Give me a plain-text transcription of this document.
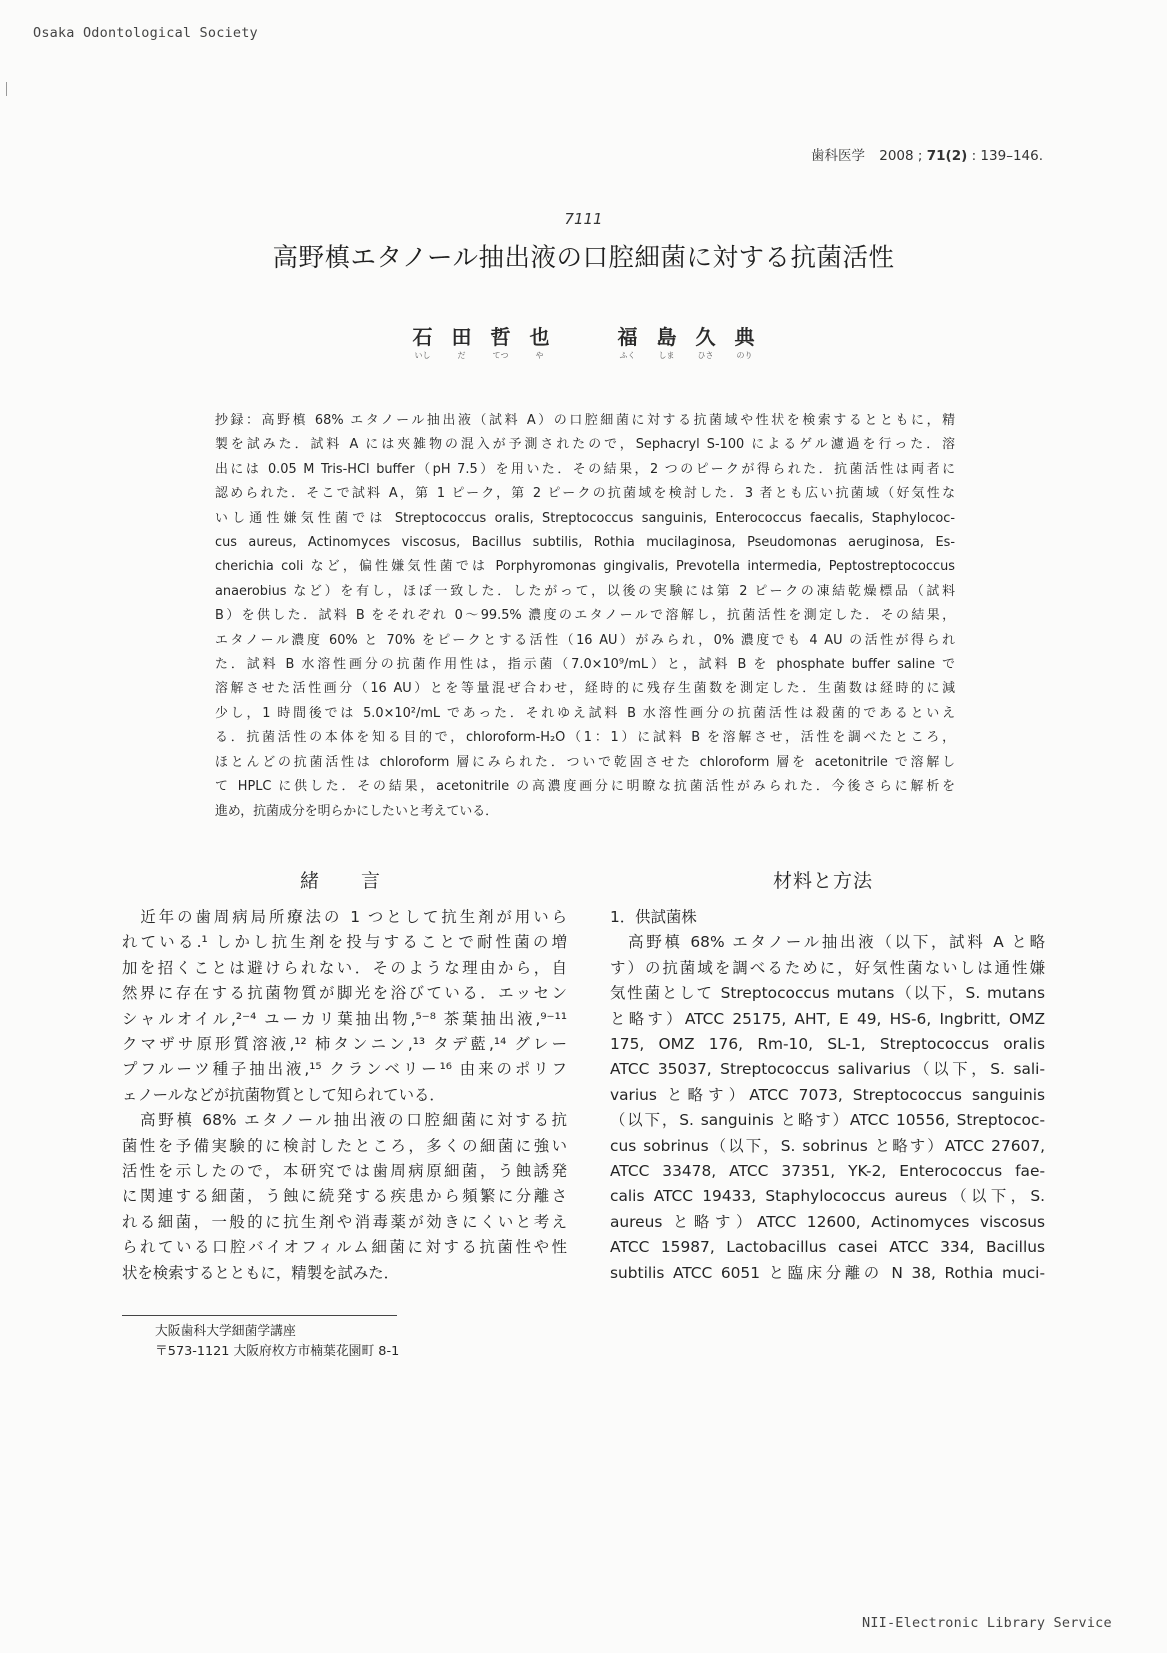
Osaka Odontological Society
歯科医学 2008 ; 71(2) : 139–146.
7111
高野槙エタノール抽出液の口腔細菌に対する抗菌活性
石
いし
田
だ
哲
てつ
也
や
福
ふく
島
しま
久
ひさ
典
のり
抄録：高野槙 68% エタノール抽出液（試料 A）の口腔細菌に対する抗菌域や性状を検索するとともに，精
製を試みた．試料 A には夾雑物の混入が予測されたので，Sephacryl S-100 によるゲル濾過を行った．溶
出には 0.05 M Tris-HCl buffer（pH 7.5）を用いた．その結果，2 つのピークが得られた．抗菌活性は両者に
認められた．そこで試料 A，第 1 ピーク，第 2 ピークの抗菌域を検討した．3 者とも広い抗菌域（好気性な
いし通性嫌気性菌では Streptococcus oralis, Streptococcus sanguinis, Enterococcus faecalis, Staphylococ-
cus aureus, Actinomyces viscosus, Bacillus subtilis, Rothia mucilaginosa, Pseudomonas aeruginosa, Es-
cherichia coli など，偏性嫌気性菌では Porphyromonas gingivalis, Prevotella intermedia, Peptostreptococcus
anaerobius など）を有し，ほぼ一致した．したがって，以後の実験には第 2 ピークの凍結乾燥標品（試料
B）を供した．試料 B をそれぞれ 0〜99.5% 濃度のエタノールで溶解し，抗菌活性を測定した．その結果，
エタノール濃度 60% と 70% をピークとする活性（16 AU）がみられ，0% 濃度でも 4 AU の活性が得られ
た．試料 B 水溶性画分の抗菌作用性は，指示菌（7.0×10⁹/mL）と，試料 B を phosphate buffer saline で
溶解させた活性画分（16 AU）とを等量混ぜ合わせ，経時的に残存生菌数を測定した．生菌数は経時的に減
少し，1 時間後では 5.0×10²/mL であった．それゆえ試料 B 水溶性画分の抗菌活性は殺菌的であるといえ
る．抗菌活性の本体を知る目的で，chloroform-H₂O（1：1）に試料 B を溶解させ，活性を調べたところ，
ほとんどの抗菌活性は chloroform 層にみられた．ついで乾固させた chloroform 層を acetonitrile で溶解し
て HPLC に供した．その結果，acetonitrile の高濃度画分に明瞭な抗菌活性がみられた．今後さらに解析を
進め，抗菌成分を明らかにしたいと考えている．
緒 言	材料と方法
　近年の歯周病局所療法の 1 つとして抗生剤が用いら
れている.¹ しかし抗生剤を投与することで耐性菌の増
加を招くことは避けられない．そのような理由から，自
然界に存在する抗菌物質が脚光を浴びている．エッセン
シャルオイル,²⁻⁴ ユーカリ葉抽出物,⁵⁻⁸ 茶葉抽出液,⁹⁻¹¹
クマザサ原形質溶液,¹² 柿タンニン,¹³ タデ藍,¹⁴ グレー
プフルーツ種子抽出液,¹⁵ クランベリー¹⁶ 由来のポリフ
ェノールなどが抗菌物質として知られている．
　高野槙 68% エタノール抽出液の口腔細菌に対する抗
菌性を予備実験的に検討したところ，多くの細菌に強い
活性を示したので，本研究では歯周病原細菌，う蝕誘発
に関連する細菌，う蝕に続発する疾患から頻繁に分離さ
れる細菌，一般的に抗生剤や消毒薬が効きにくいと考え
られている口腔バイオフィルム細菌に対する抗菌性や性
状を検索するとともに，精製を試みた．
1．供試菌株
　高野槙 68% エタノール抽出液（以下，試料 A と略
す）の抗菌域を調べるために，好気性菌ないしは通性嫌
気性菌として Streptococcus mutans（以下，S. mutans
と略す）ATCC 25175, AHT, E 49, HS-6, Ingbritt, OMZ
175, OMZ 176, Rm-10, SL-1, Streptococcus oralis
ATCC 35037, Streptococcus salivarius（以下，S. sali-
varius と略す）ATCC 7073, Streptococcus sanguinis
（以下，S. sanguinis と略す）ATCC 10556, Streptococ-
cus sobrinus（以下，S. sobrinus と略す）ATCC 27607,
ATCC 33478, ATCC 37351, YK-2, Enterococcus fae-
calis ATCC 19433, Staphylococcus aureus（以下，S.
aureus と略す）ATCC 12600, Actinomyces viscosus
ATCC 15987, Lactobacillus casei ATCC 334, Bacillus
subtilis ATCC 6051 と臨床分離の N 38, Rothia muci-
大阪歯科大学細菌学講座
〒573-1121 大阪府枚方市楠葉花園町 8-1
NII-Electronic Library Service
